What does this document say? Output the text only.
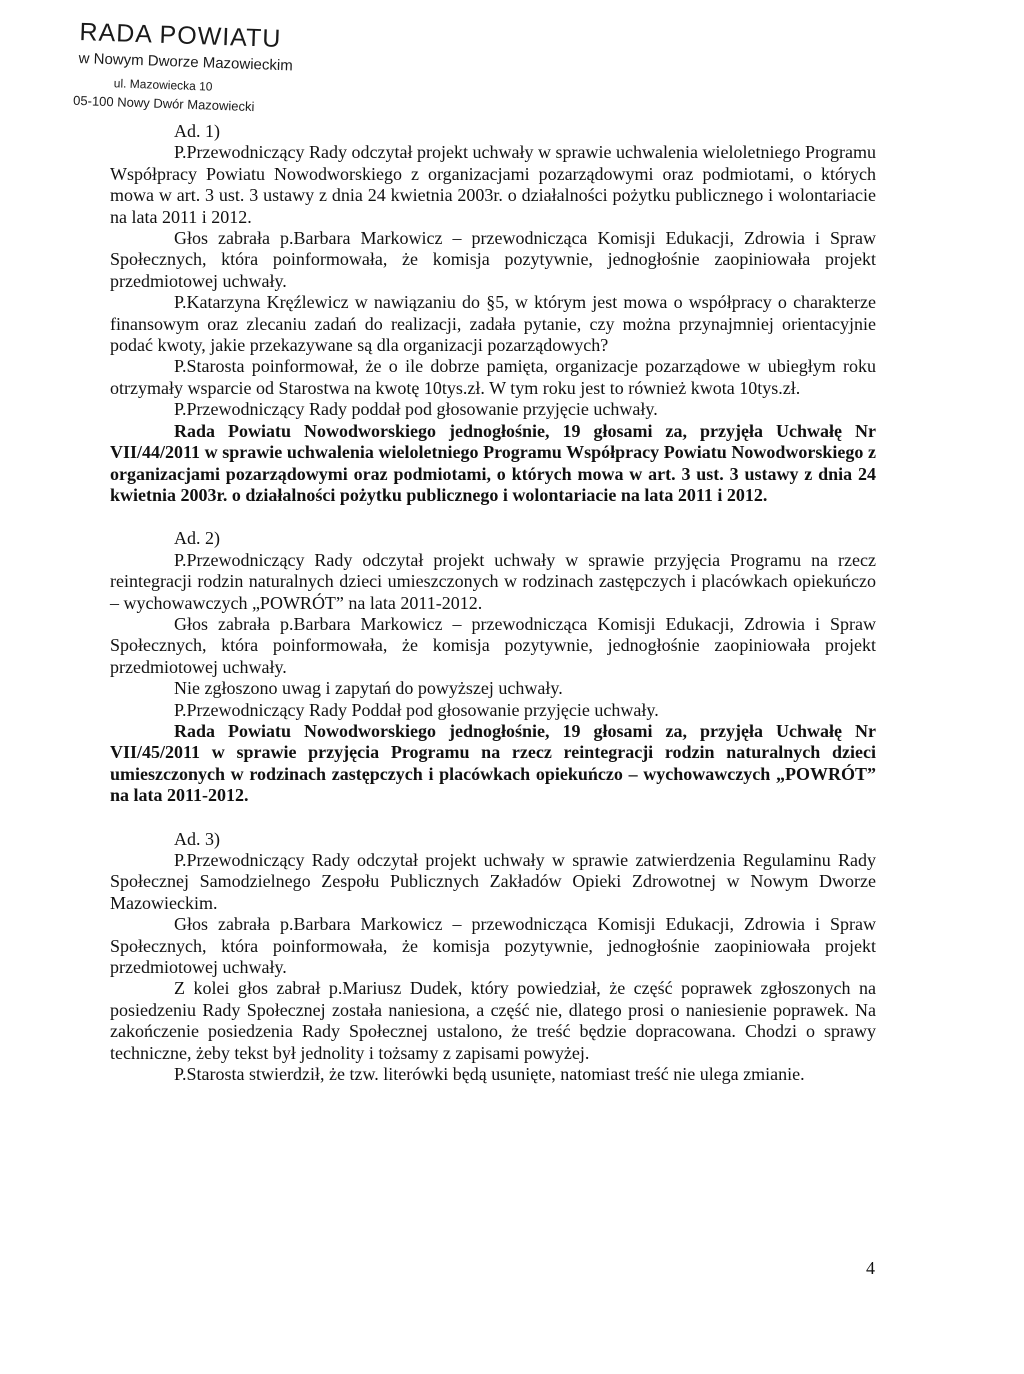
RADA POWIATU
w Nowym Dworze Mazowieckim
ul. Mazowiecka 10
05-100 Nowy Dwór Mazowiecki
Ad. 1)

P.Przewodniczący Rady odczytał projekt uchwały w sprawie uchwalenia wieloletniego Programu Współpracy Powiatu Nowodworskiego z organizacjami pozarządowymi oraz podmiotami, o których mowa w art. 3 ust. 3 ustawy z dnia 24 kwietnia 2003r. o działalności pożytku publicznego i wolontariacie na lata 2011 i 2012.

Głos zabrała p.Barbara Markowicz – przewodnicząca Komisji Edukacji, Zdrowia i Spraw Społecznych, która poinformowała, że komisja pozytywnie, jednogłośnie zaopiniowała projekt przedmiotowej uchwały.

P.Katarzyna Kręźlewicz w nawiązaniu do §5, w którym jest mowa o współpracy o charakterze finansowym oraz zlecaniu zadań do realizacji, zadała pytanie, czy można przynajmniej orientacyjnie podać kwoty, jakie przekazywane są dla organizacji pozarządowych?

P.Starosta poinformował, że o ile dobrze pamięta, organizacje pozarządowe w ubiegłym roku otrzymały wsparcie od Starostwa na kwotę 10tys.zł. W tym roku jest to również kwota 10tys.zł.

P.Przewodniczący Rady poddał pod głosowanie przyjęcie uchwały.

Rada Powiatu Nowodworskiego jednogłośnie, 19 głosami za, przyjęła Uchwałę Nr VII/44/2011 w sprawie uchwalenia wieloletniego Programu Współpracy Powiatu Nowodworskiego z organizacjami pozarządowymi oraz podmiotami, o których mowa w art. 3 ust. 3 ustawy z dnia 24 kwietnia 2003r. o działalności pożytku publicznego i wolontariacie na lata 2011 i 2012.

Ad. 2)

P.Przewodniczący Rady odczytał projekt uchwały w sprawie przyjęcia Programu na rzecz reintegracji rodzin naturalnych dzieci umieszczonych w rodzinach zastępczych i placówkach opiekuńczo – wychowawczych „POWRÓT” na lata 2011-2012.

Głos zabrała p.Barbara Markowicz – przewodnicząca Komisji Edukacji, Zdrowia i Spraw Społecznych, która poinformowała, że komisja pozytywnie, jednogłośnie zaopiniowała projekt przedmiotowej uchwały.

Nie zgłoszono uwag i zapytań do powyższej uchwały.

P.Przewodniczący Rady Poddał pod głosowanie przyjęcie uchwały.

Rada Powiatu Nowodworskiego jednogłośnie, 19 głosami za, przyjęła Uchwałę Nr VII/45/2011 w sprawie przyjęcia Programu na rzecz reintegracji rodzin naturalnych dzieci umieszczonych w rodzinach zastępczych i placówkach opiekuńczo – wychowawczych „POWRÓT” na lata 2011-2012.

Ad. 3)

P.Przewodniczący Rady odczytał projekt uchwały w sprawie zatwierdzenia Regulaminu Rady Społecznej Samodzielnego Zespołu Publicznych Zakładów Opieki Zdrowotnej w Nowym Dworze Mazowieckim.

Głos zabrała p.Barbara Markowicz – przewodnicząca Komisji Edukacji, Zdrowia i Spraw Społecznych, która poinformowała, że komisja pozytywnie, jednogłośnie zaopiniowała projekt przedmiotowej uchwały.

Z kolei głos zabrał p.Mariusz Dudek, który powiedział, że część poprawek zgłoszonych na posiedzeniu Rady Społecznej została naniesiona, a część nie, dlatego prosi o naniesienie poprawek. Na zakończenie posiedzenia Rady Społecznej ustalono, że treść będzie dopracowana. Chodzi o sprawy techniczne, żeby tekst był jednolity i tożsamy z zapisami powyżej.

P.Starosta stwierdził, że tzw. literówki będą usunięte, natomiast treść nie ulega zmianie.

4
